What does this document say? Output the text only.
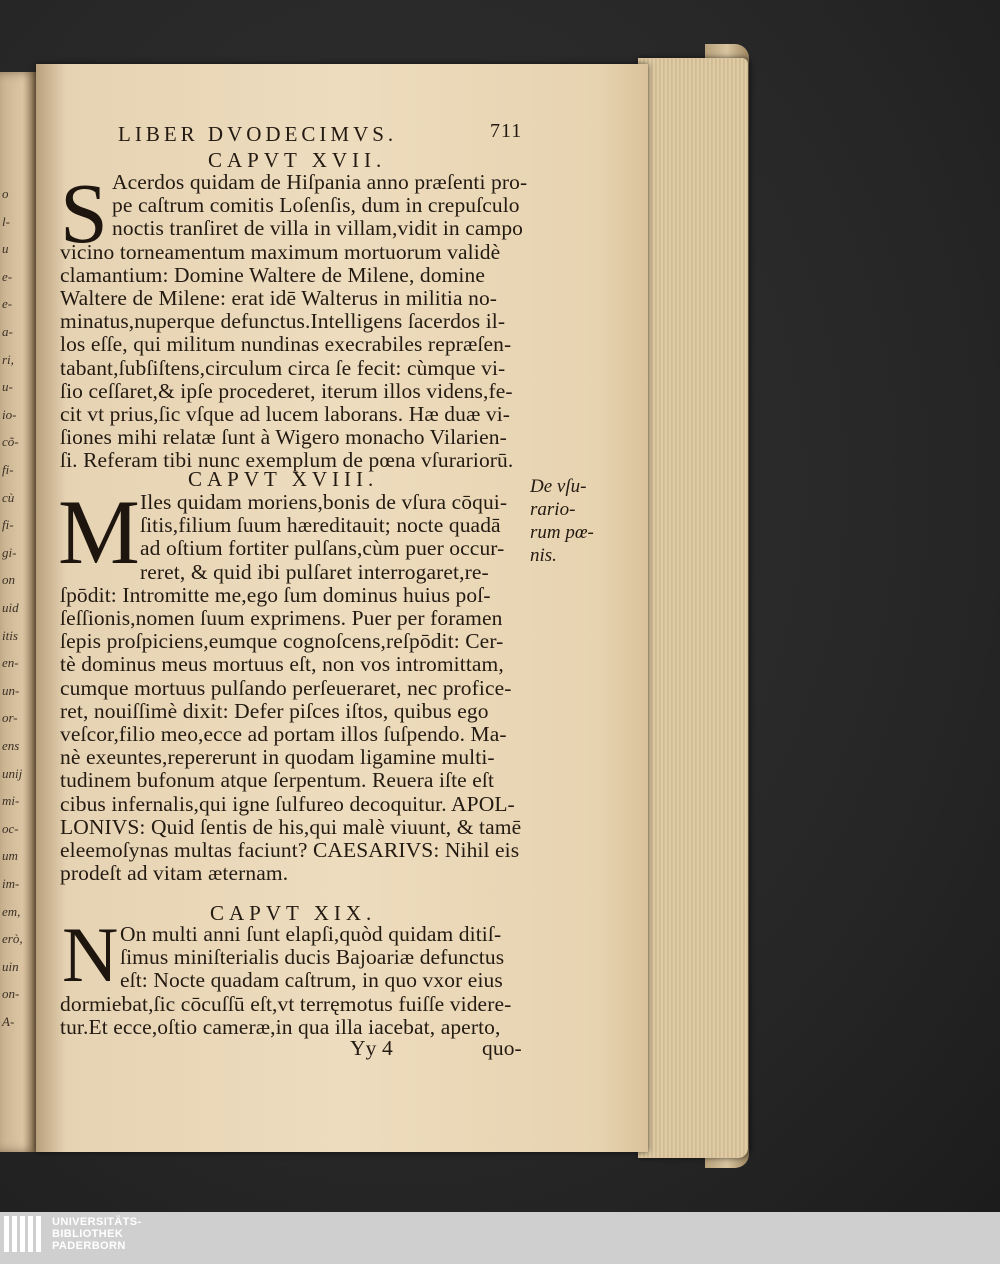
o
l-
u
e-
e-
a-
ri,
u-
io-
cõ-
fi-
cù
fi-
gi-
on
uid
itis
en-
un-
or-
ens
unij
mi-
oc-
um
im-
em,
erò,
uin
on-
A-
LIBER DVODECIMVS.	711
CAPVT XVII.
S Acerdos quidam de Hiſpania anno præſenti pro-
pe caſtrum comitis Loſenſis, dum in crepuſculo
noctis tranſiret de villa in villam,vidit in campo
vicino torneamentum maximum mortuorum validè
clamantium: Domine Waltere de Milene, domine
Waltere de Milene: erat idē Walterus in militia no-
minatus,nuperque defunctus.Intelligens ſacerdos il-
los eſſe, qui militum nundinas execrabiles repræſen-
tabant,ſubſiſtens,circulum circa ſe fecit: cùmque vi-
ſio ceſſaret,& ipſe procederet, iterum illos videns,fe-
cit vt prius,ſic vſque ad lucem laborans. Hæ duæ vi-
ſiones mihi relatæ ſunt à Wigero monacho Vilarien-
ſi. Referam tibi nunc exemplum de pœna vſurariorū.
CAPVT XVIII.
M Iles quidam moriens,bonis de vſura cōqui-
ſitis,filium ſuum hæreditauit; nocte quadā
ad oſtium fortiter pulſans,cùm puer occur-
reret, & quid ibi pulſaret interrogaret,re-
ſpōdit: Intromitte me,ego ſum dominus huius poſ-
ſeſſionis,nomen ſuum exprimens. Puer per foramen
ſepis proſpiciens,eumque cognoſcens,reſpōdit: Cer-
tè dominus meus mortuus eſt, non vos intromittam,
cumque mortuus pulſando perſeueraret, nec profice-
ret, nouiſſimè dixit: Defer piſces iſtos, quibus ego
veſcor,filio meo,ecce ad portam illos ſuſpendo. Ma-
nè exeuntes,repererunt in quodam ligamine multi-
tudinem bufonum atque ſerpentum. Reuera iſte eſt
cibus infernalis,qui igne ſulfureo decoquitur. APOL-
LONIVS: Quid ſentis de his,qui malè viuunt, & tamē
eleemoſynas multas faciunt? CAESARIVS: Nihil eis
prodeſt ad vitam æternam.
De vſu-
rario-
rum pœ-
nis.
CAPVT XIX.
N On multi anni ſunt elapſi,quòd quidam ditiſ-
ſimus miniſterialis ducis Bajoariæ defunctus
eſt: Nocte quadam caſtrum, in quo vxor eius
dormiebat,ſic cōcuſſū eſt,vt terręmotus fuiſſe videre-
tur.Et ecce,oſtio cameræ,in qua illa iacebat, aperto,
Yy 4	quo-
UNIVERSITÄTS-
BIBLIOTHEK
PADERBORN
